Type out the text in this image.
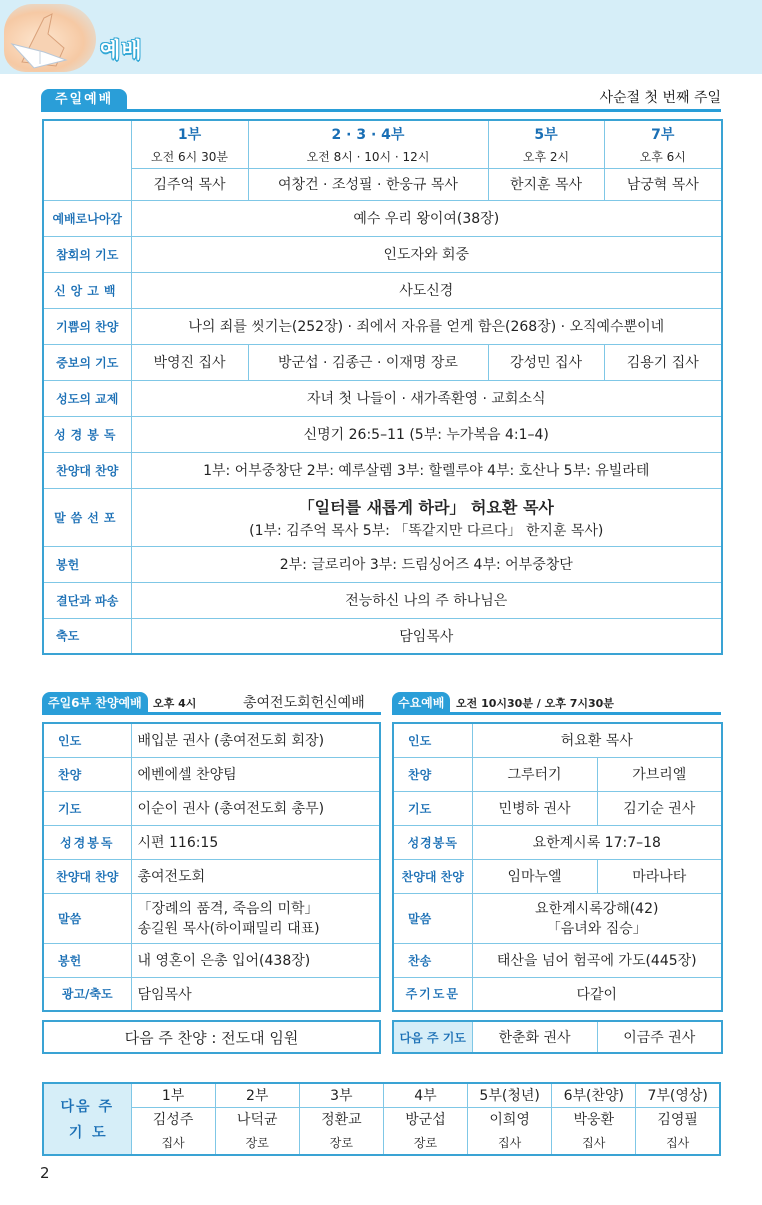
예배
주일예배	사순절 첫 번째 주일
	1부	2 · 3 · 4부	5부	7부
	오전 6시 30분	오전 8시 · 10시 · 12시	오후 2시	오후 6시
	김주억 목사	여창건 · 조성필 · 한웅규 목사	한지훈 목사	남궁혁 목사
예배로나아감	예수 우리 왕이여(38장)			
참회의 기도	인도자와 회중			
신앙고백	사도신경			
기쁨의 찬양	나의 죄를 씻기는(252장) · 죄에서 자유를 얻게 함은(268장) · 오직예수뿐이네			
중보의 기도	박영진 집사	방군섭 · 김종근 · 이재명 장로	강성민 집사	김용기 집사
성도의 교제	자녀 첫 나들이 · 새가족환영 · 교회소식			
성경봉독	신명기 26:5–11 (5부: 누가복음 4:1–4)			
찬양대 찬양	1부: 어부중창단 2부: 예루살렘 3부: 할렐루야 4부: 호산나 5부: 유빌라테			
말씀선포	「일터를 새롭게 하라」 허요환 목사
(1부: 김주억 목사 5부: 「똑같지만 다르다」 한지훈 목사)			

봉헌	2부: 글로리아 3부: 드림싱어즈 4부: 어부중창단			
결단과 파송	전능하신 나의 주 하나님은			
축도	담임목사			
주일6부 찬양예배	오후 4시	총여전도회헌신예배
인도	배입분 권사 (총여전도회 회장)
찬양	에벤에셀 찬양팀
기도	이순이 권사 (총여전도회 총무)
성경봉독	시편 116:15
찬양대 찬양	총여전도회
말씀	「장례의 품격, 죽음의 미학」
송길원 목사(하이패밀리 대표)

봉헌	내 영혼이 은총 입어(438장)
광고/축도	담임목사
다음 주 찬양 : 전도대 임원
수요예배	오전 10시30분 / 오후 7시30분
인도	허요환 목사	
찬양	그루터기	가브리엘
기도	민병하 권사	김기순 권사
성경봉독	요한계시록 17:7–18	
찬양대 찬양	임마누엘	마라나타
말씀	요한계시록강해(42)
「음녀와 짐승」	

찬송	태산을 넘어 험곡에 가도(445장)	
주기도문	다같이	
다음 주 기도	한춘화 권사	이금주 권사
다음 주
기  도	1부	2부	3부	4부	5부(청년)	6부(찬양)	7부(영상)
	김성주	나덕균	정환교	방군섭	이희영	박웅환	김영필
	집사	장로	장로	장로	집사	집사	집사
2
